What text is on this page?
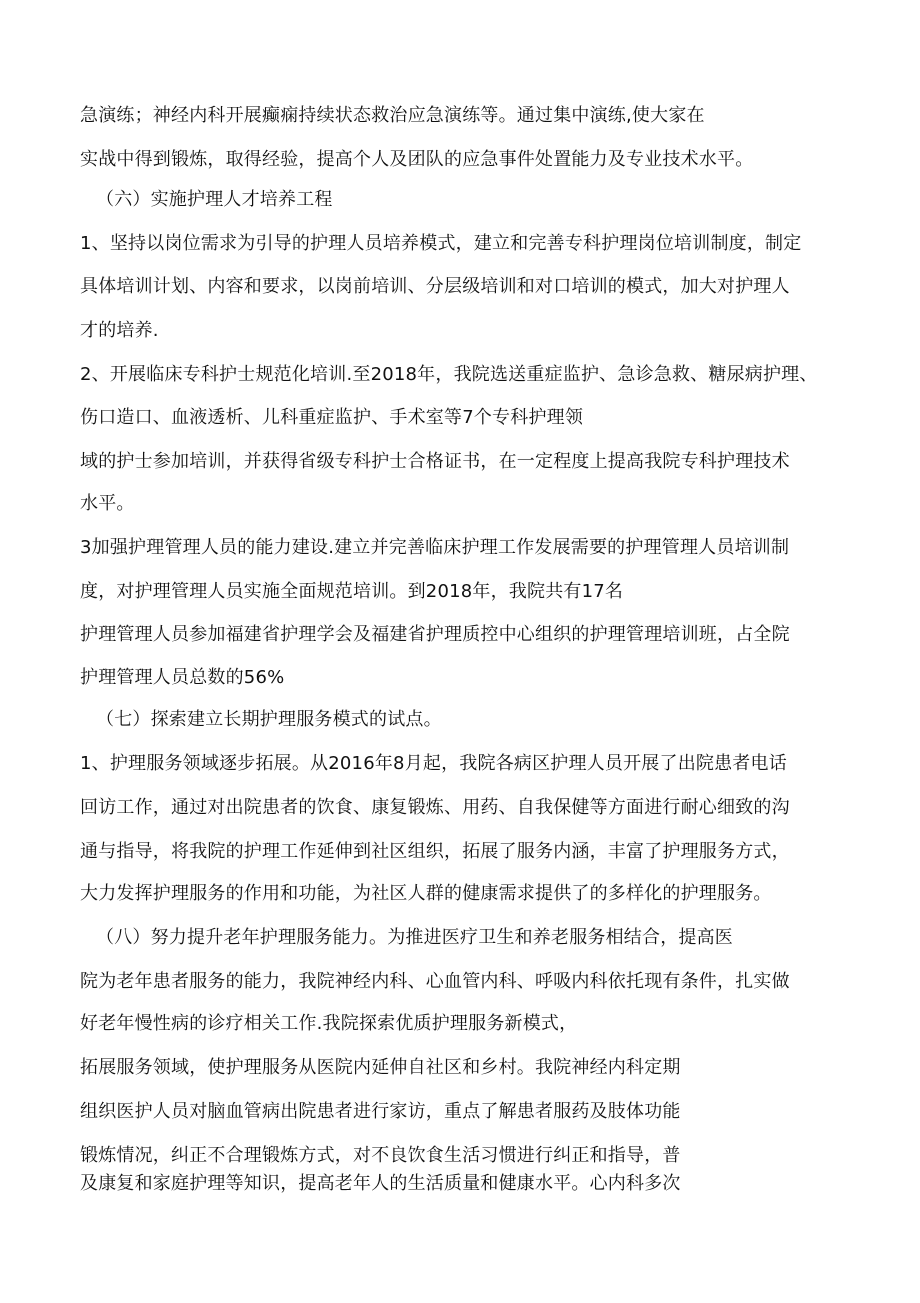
急演练；神经内科开展癫痫持续状态救治应急演练等。通过集中演练,使大家在

实战中得到锻炼，取得经验，提高个人及团队的应急事件处置能力及专业技术水平。

（六）实施护理人才培养工程

1、坚持以岗位需求为引导的护理人员培养模式，建立和完善专科护理岗位培训制度，制定

具体培训计划、内容和要求，以岗前培训、分层级培训和对口培训的模式，加大对护理人

才的培养.

2、开展临床专科护士规范化培训.至2018年，我院选送重症监护、急诊急救、糖尿病护理、

伤口造口、血液透析、儿科重症监护、手术室等7个专科护理领

域的护士参加培训，并获得省级专科护士合格证书，在一定程度上提高我院专科护理技术

水平。

3加强护理管理人员的能力建设.建立并完善临床护理工作发展需要的护理管理人员培训制

度，对护理管理人员实施全面规范培训。到2018年，我院共有17名

护理管理人员参加福建省护理学会及福建省护理质控中心组织的护理管理培训班，占全院

护理管理人员总数的56%

（七）探索建立长期护理服务模式的试点。

1、护理服务领域逐步拓展。从2016年8月起，我院各病区护理人员开展了出院患者电话

回访工作，通过对出院患者的饮食、康复锻炼、用药、自我保健等方面进行耐心细致的沟

通与指导，将我院的护理工作延伸到社区组织，拓展了服务内涵，丰富了护理服务方式，

大力发挥护理服务的作用和功能，为社区人群的健康需求提供了的多样化的护理服务。

（八）努力提升老年护理服务能力。为推进医疗卫生和养老服务相结合，提高医

院为老年患者服务的能力，我院神经内科、心血管内科、呼吸内科依托现有条件，扎实做

好老年慢性病的诊疗相关工作.我院探索优质护理服务新模式，

拓展服务领域，使护理服务从医院内延伸自社区和乡村。我院神经内科定期

组织医护人员对脑血管病出院患者进行家访，重点了解患者服药及肢体功能

锻炼情况，纠正不合理锻炼方式，对不良饮食生活习惯进行纠正和指导，普

及康复和家庭护理等知识，提高老年人的生活质量和健康水平。心内科多次
